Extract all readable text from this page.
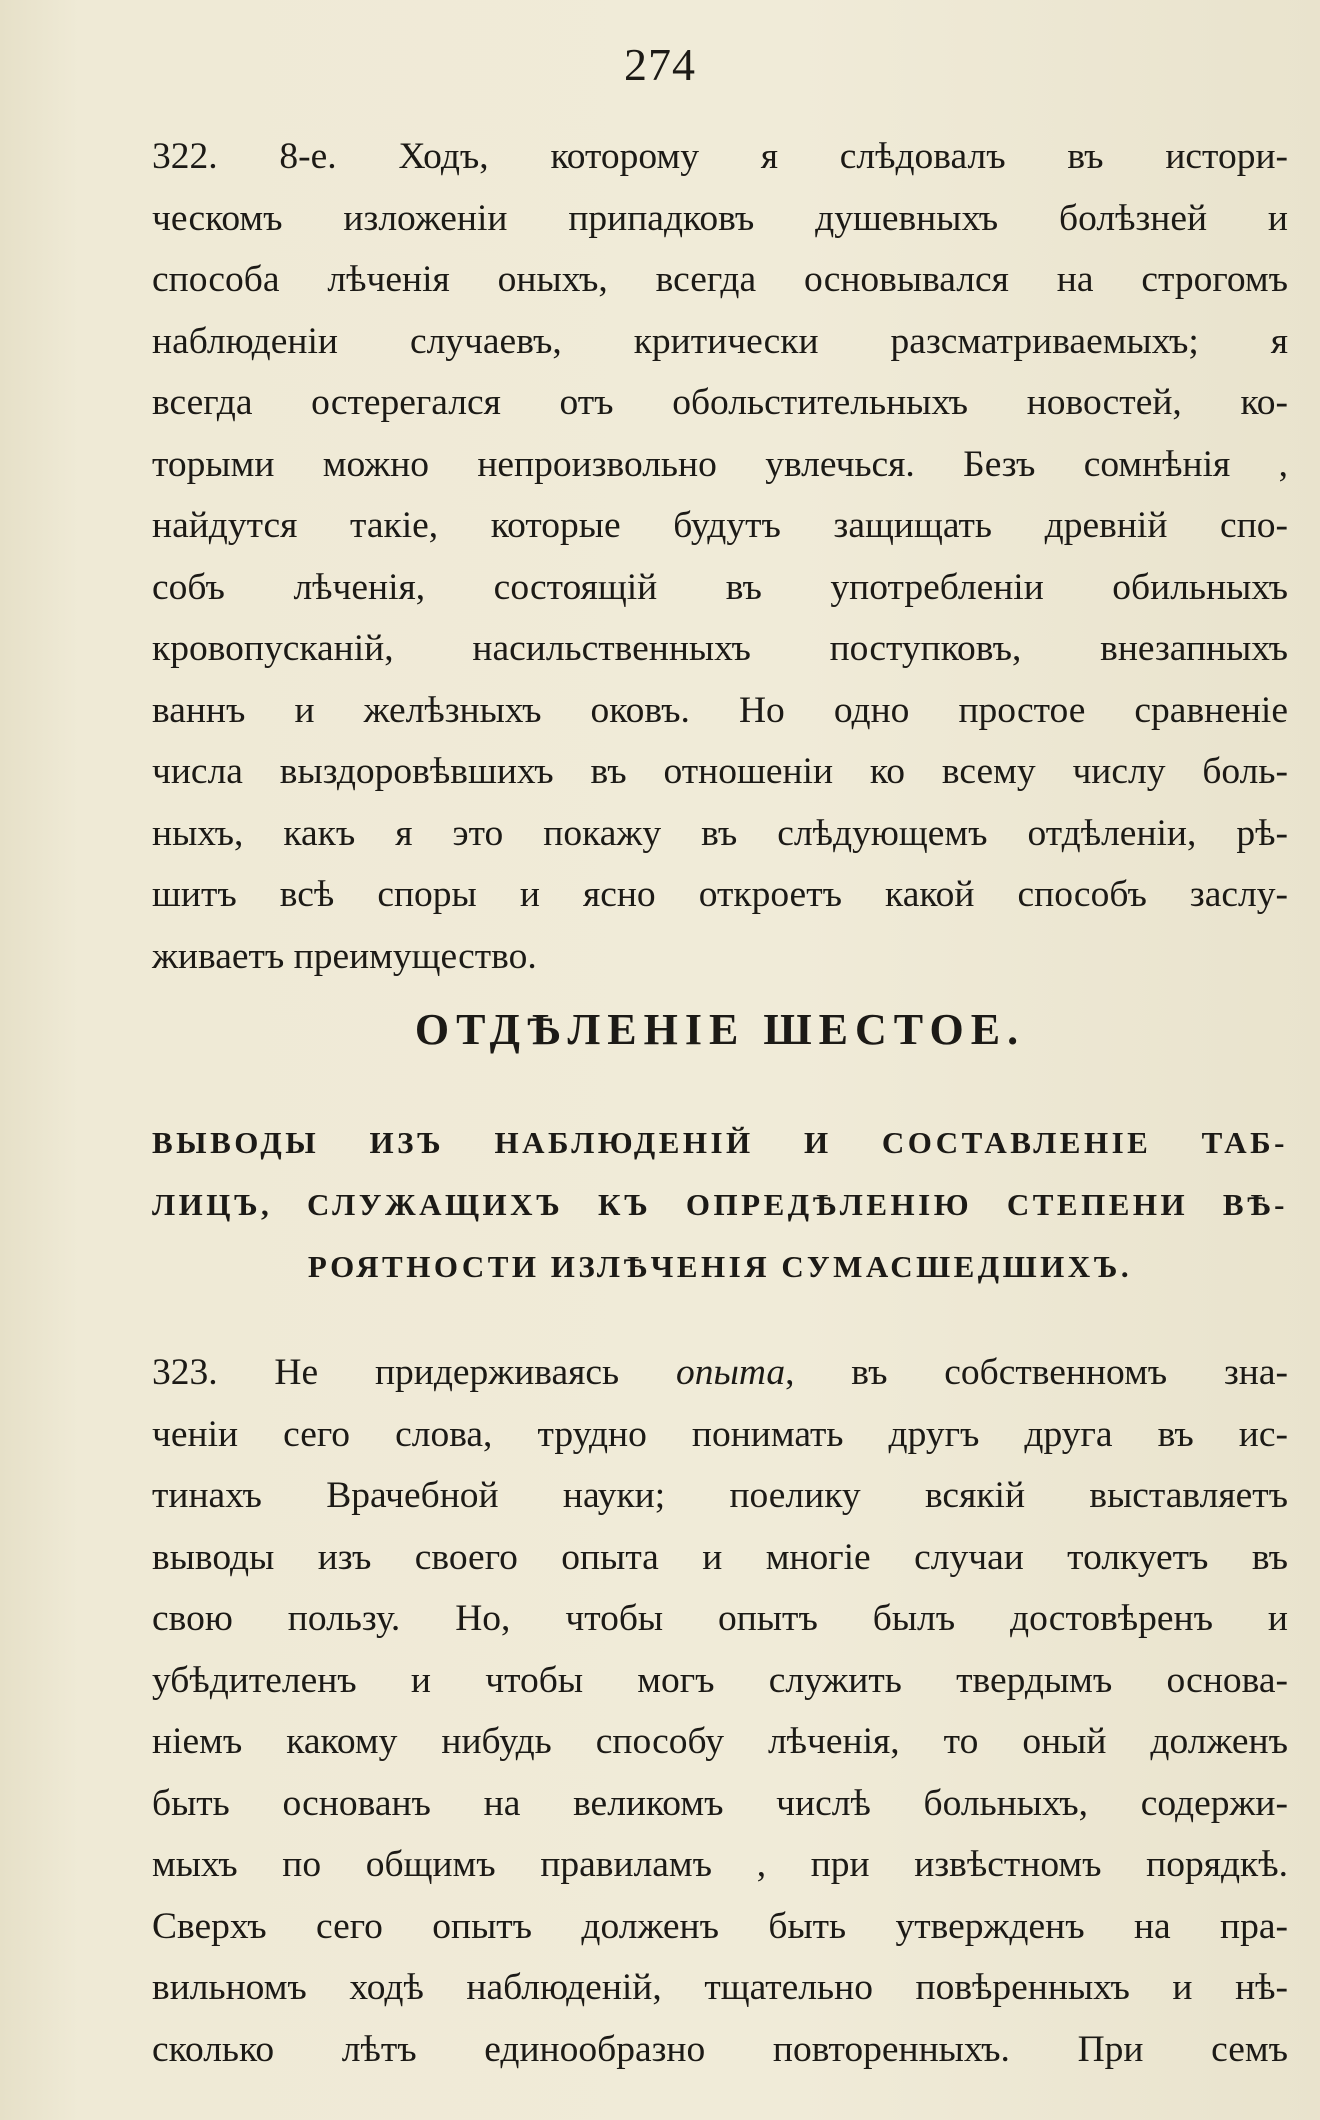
274
322. 8-е. Ходъ, которому я слѣдовалъ въ истори-
ческомъ изложеніи припадковъ душевныхъ болѣзней и
способа лѣченія оныхъ, всегда основывался на строгомъ
наблюденіи случаевъ, критически разсматриваемыхъ; я
всегда остерегался отъ обольстительныхъ новостей, ко-
торыми можно непроизвольно увлечься. Безъ сомнѣнія ,
найдутся такіе, которые будутъ защищать древній спо-
собъ лѣченія, состоящій въ употребленіи обильныхъ
кровопусканій, насильственныхъ поступковъ, внезапныхъ
ваннъ и желѣзныхъ оковъ. Но одно простое сравненіе
числа выздоровѣвшихъ въ отношеніи ко всему числу боль-
ныхъ, какъ я это покажу въ слѣдующемъ отдѣленіи, рѣ-
шитъ всѣ споры и ясно откроетъ какой способъ заслу-
живаетъ преимущество.
ОТДѢЛЕНІЕ ШЕСТОЕ.
ВЫВОДЫ ИЗЪ НАБЛЮДЕНІЙ И СОСТАВЛЕНІЕ ТАБ-
ЛИЦЪ, СЛУЖАЩИХЪ КЪ ОПРЕДѢЛЕНІЮ СТЕПЕНИ ВѢ-
РОЯТНОСТИ ИЗЛѢЧЕНІЯ СУМАСШЕДШИХЪ.
323. Не придерживаясь опыта, въ собственномъ зна-
ченіи сего слова, трудно понимать другъ друга въ ис-
тинахъ Врачебной науки; поелику всякій выставляетъ
выводы изъ своего опыта и многіе случаи толкуетъ въ
свою пользу. Но, чтобы опытъ былъ достовѣренъ и
убѣдителенъ и чтобы могъ служить твердымъ основа-
ніемъ какому нибудь способу лѣченія, то оный долженъ
быть основанъ на великомъ числѣ больныхъ, содержи-
мыхъ по общимъ правиламъ , при извѣстномъ порядкѣ.
Сверхъ сего опытъ долженъ быть утвержденъ на пра-
вильномъ ходѣ наблюденій, тщательно повѣренныхъ и нѣ-
сколько лѣтъ единообразно повторенныхъ. При семъ
